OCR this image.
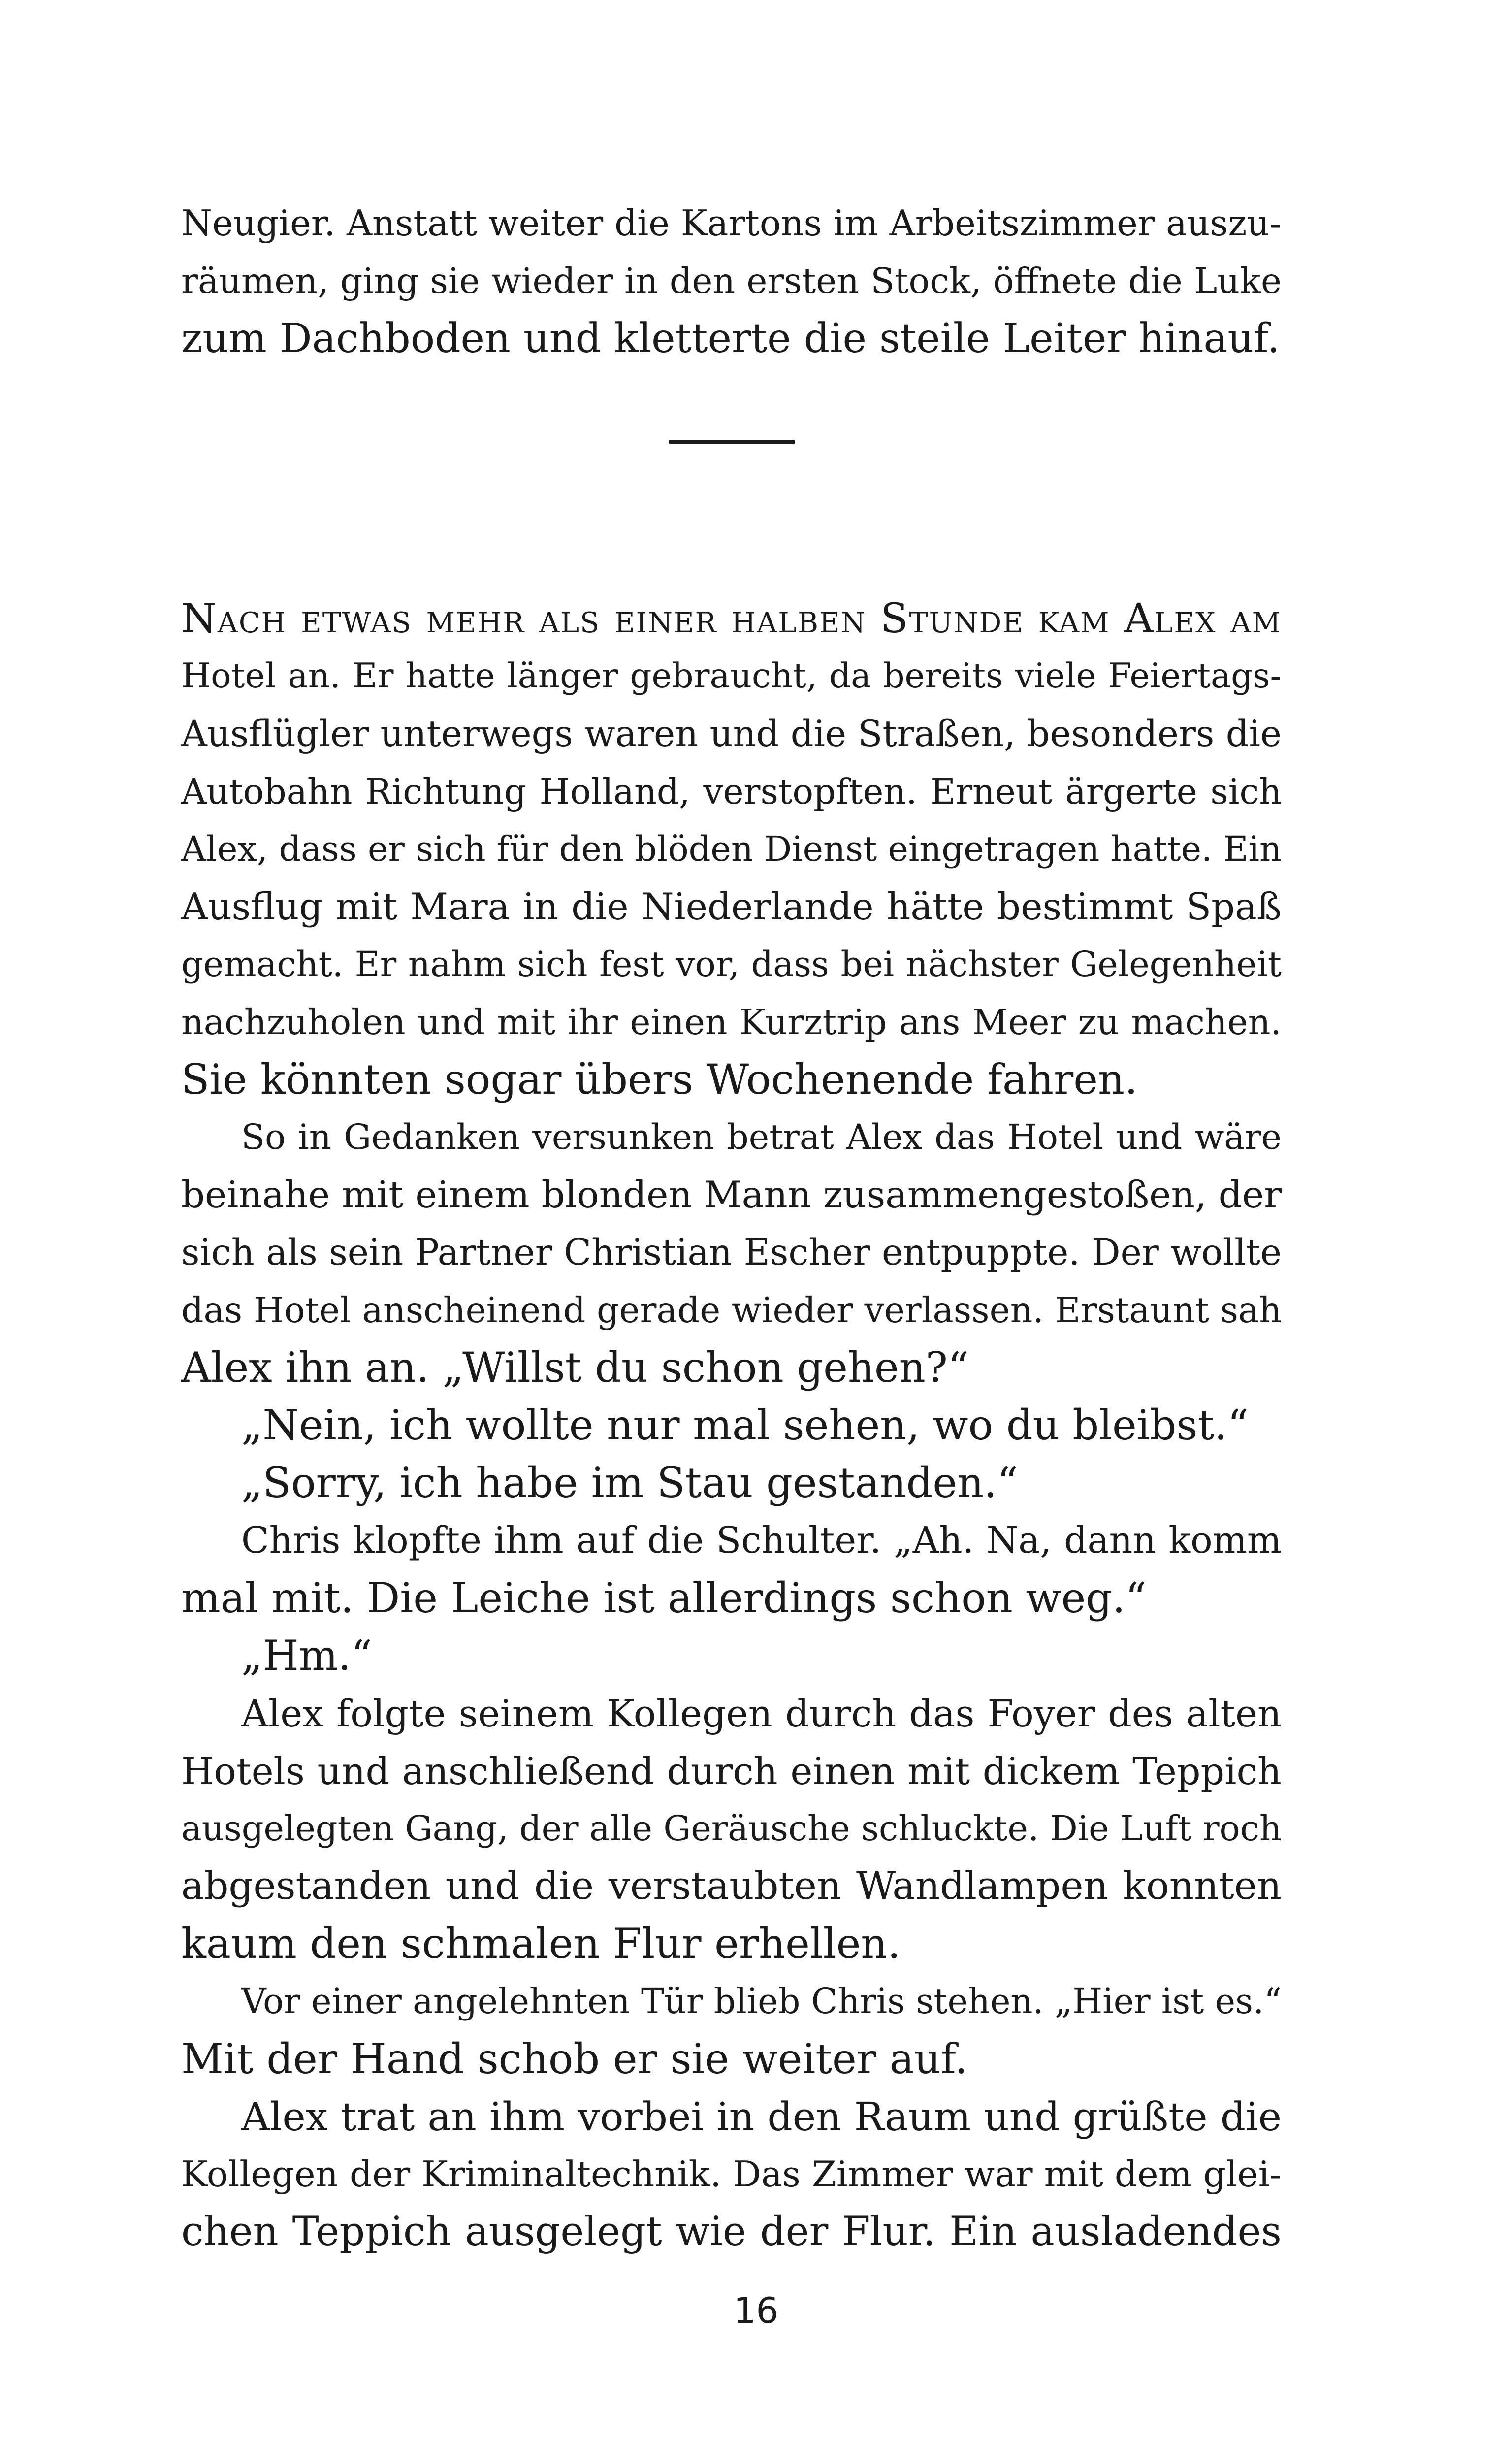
Neugier. Anstatt weiter die Kartons im Arbeitszimmer auszu-
räumen, ging sie wieder in den ersten Stock, öffnete die Luke
zum Dachboden und kletterte die steile Leiter hinauf.
Nach etwas mehr als einer halben Stunde kam Alex am
Hotel an. Er hatte länger gebraucht, da bereits viele Feiertags-
Ausflügler unterwegs waren und die Straßen, besonders die
Autobahn Richtung Holland, verstopften. Erneut ärgerte sich
Alex, dass er sich für den blöden Dienst eingetragen hatte. Ein
Ausflug mit Mara in die Niederlande hätte bestimmt Spaß
gemacht. Er nahm sich fest vor, dass bei nächster Gelegenheit
nachzuholen und mit ihr einen Kurztrip ans Meer zu machen.
Sie könnten sogar übers Wochenende fahren.
So in Gedanken versunken betrat Alex das Hotel und wäre
beinahe mit einem blonden Mann zusammengestoßen, der
sich als sein Partner Christian Escher entpuppte. Der wollte
das Hotel anscheinend gerade wieder verlassen. Erstaunt sah
Alex ihn an. „Willst du schon gehen?“
„Nein, ich wollte nur mal sehen, wo du bleibst.“
„Sorry, ich habe im Stau gestanden.“
Chris klopfte ihm auf die Schulter. „Ah. Na, dann komm
mal mit. Die Leiche ist allerdings schon weg.“
„Hm.“
Alex folgte seinem Kollegen durch das Foyer des alten
Hotels und anschließend durch einen mit dickem Teppich
ausgelegten Gang, der alle Geräusche schluckte. Die Luft roch
abgestanden und die verstaubten Wandlampen konnten
kaum den schmalen Flur erhellen.
Vor einer angelehnten Tür blieb Chris stehen. „Hier ist es.“
Mit der Hand schob er sie weiter auf.
Alex trat an ihm vorbei in den Raum und grüßte die
Kollegen der Kriminaltechnik. Das Zimmer war mit dem glei-
chen Teppich ausgelegt wie der Flur. Ein ausladendes
16
